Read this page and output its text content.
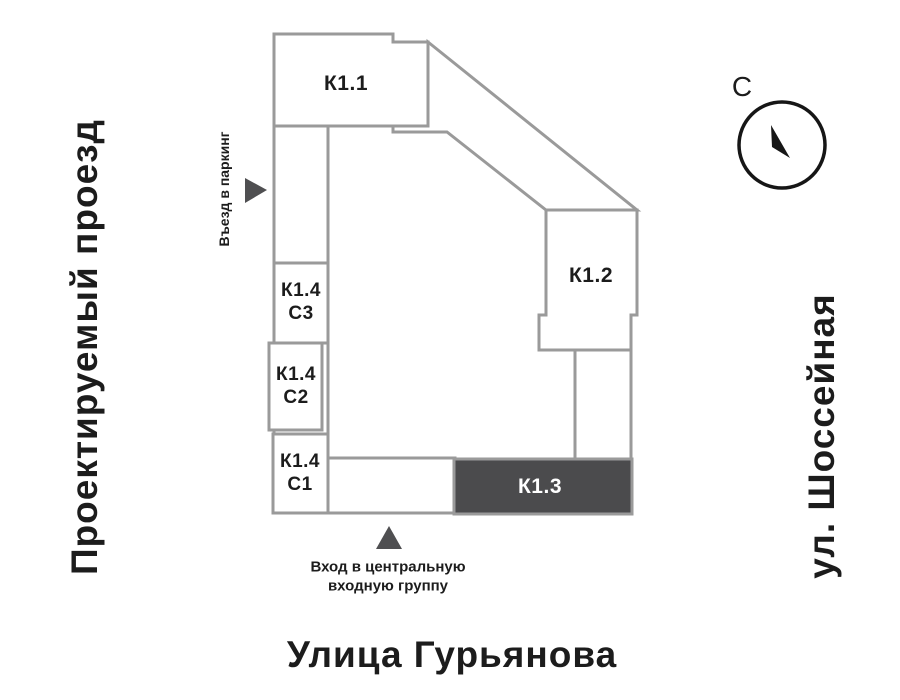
Проектируемый проезд	ул. Шоссейная
Улица Гурьянова
К1.1
К1.2
К1.3
К1.4
С3
К1.4
С2
К1.4
С1
Въезд в паркинг
Вход в центральную
входную группу
С
